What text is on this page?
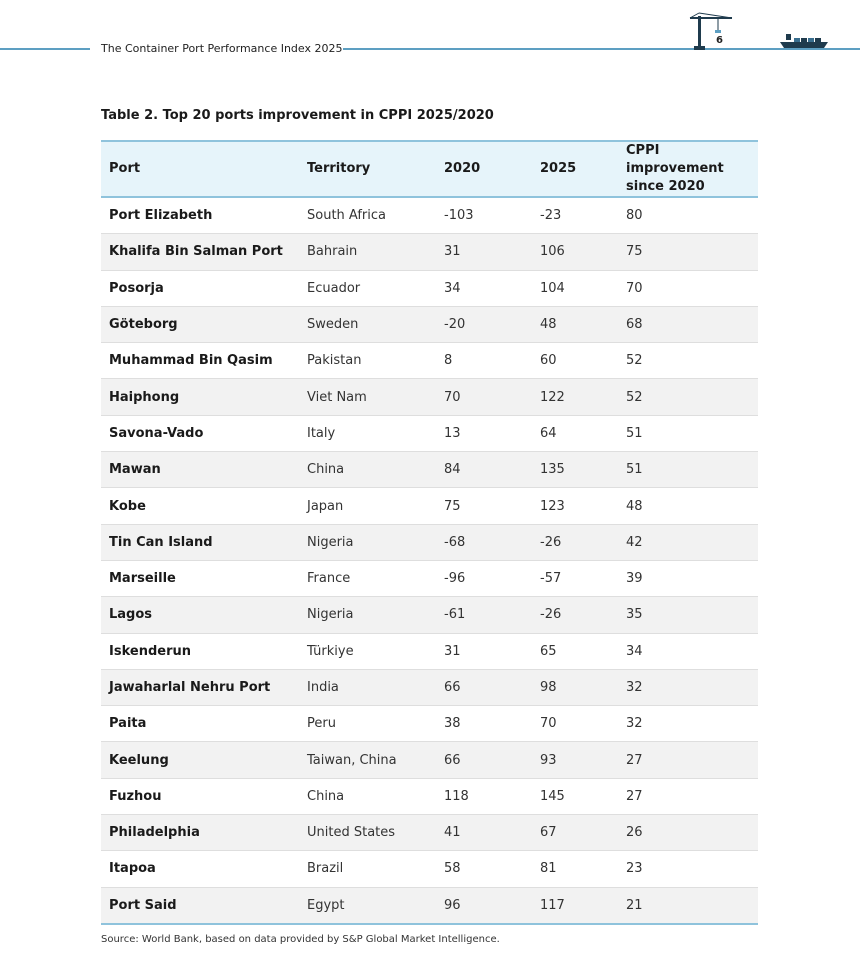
The Container Port Performance Index 2025
6
Table 2. Top 20 ports improvement in CPPI 2025/2020
Port	Territory	2020	2025	CPPI improvement since 2020
Port Elizabeth	South Africa	-103	-23	80
Khalifa Bin Salman Port	Bahrain	31	106	75
Posorja	Ecuador	34	104	70
Göteborg	Sweden	-20	48	68
Muhammad Bin Qasim	Pakistan	8	60	52
Haiphong	Viet Nam	70	122	52
Savona-Vado	Italy	13	64	51
Mawan	China	84	135	51
Kobe	Japan	75	123	48
Tin Can Island	Nigeria	-68	-26	42
Marseille	France	-96	-57	39
Lagos	Nigeria	-61	-26	35
Iskenderun	Türkiye	31	65	34
Jawaharlal Nehru Port	India	66	98	32
Paita	Peru	38	70	32
Keelung	Taiwan, China	66	93	27
Fuzhou	China	118	145	27
Philadelphia	United States	41	67	26
Itapoa	Brazil	58	81	23
Port Said	Egypt	96	117	21
Source: World Bank, based on data provided by S&P Global Market Intelligence.
